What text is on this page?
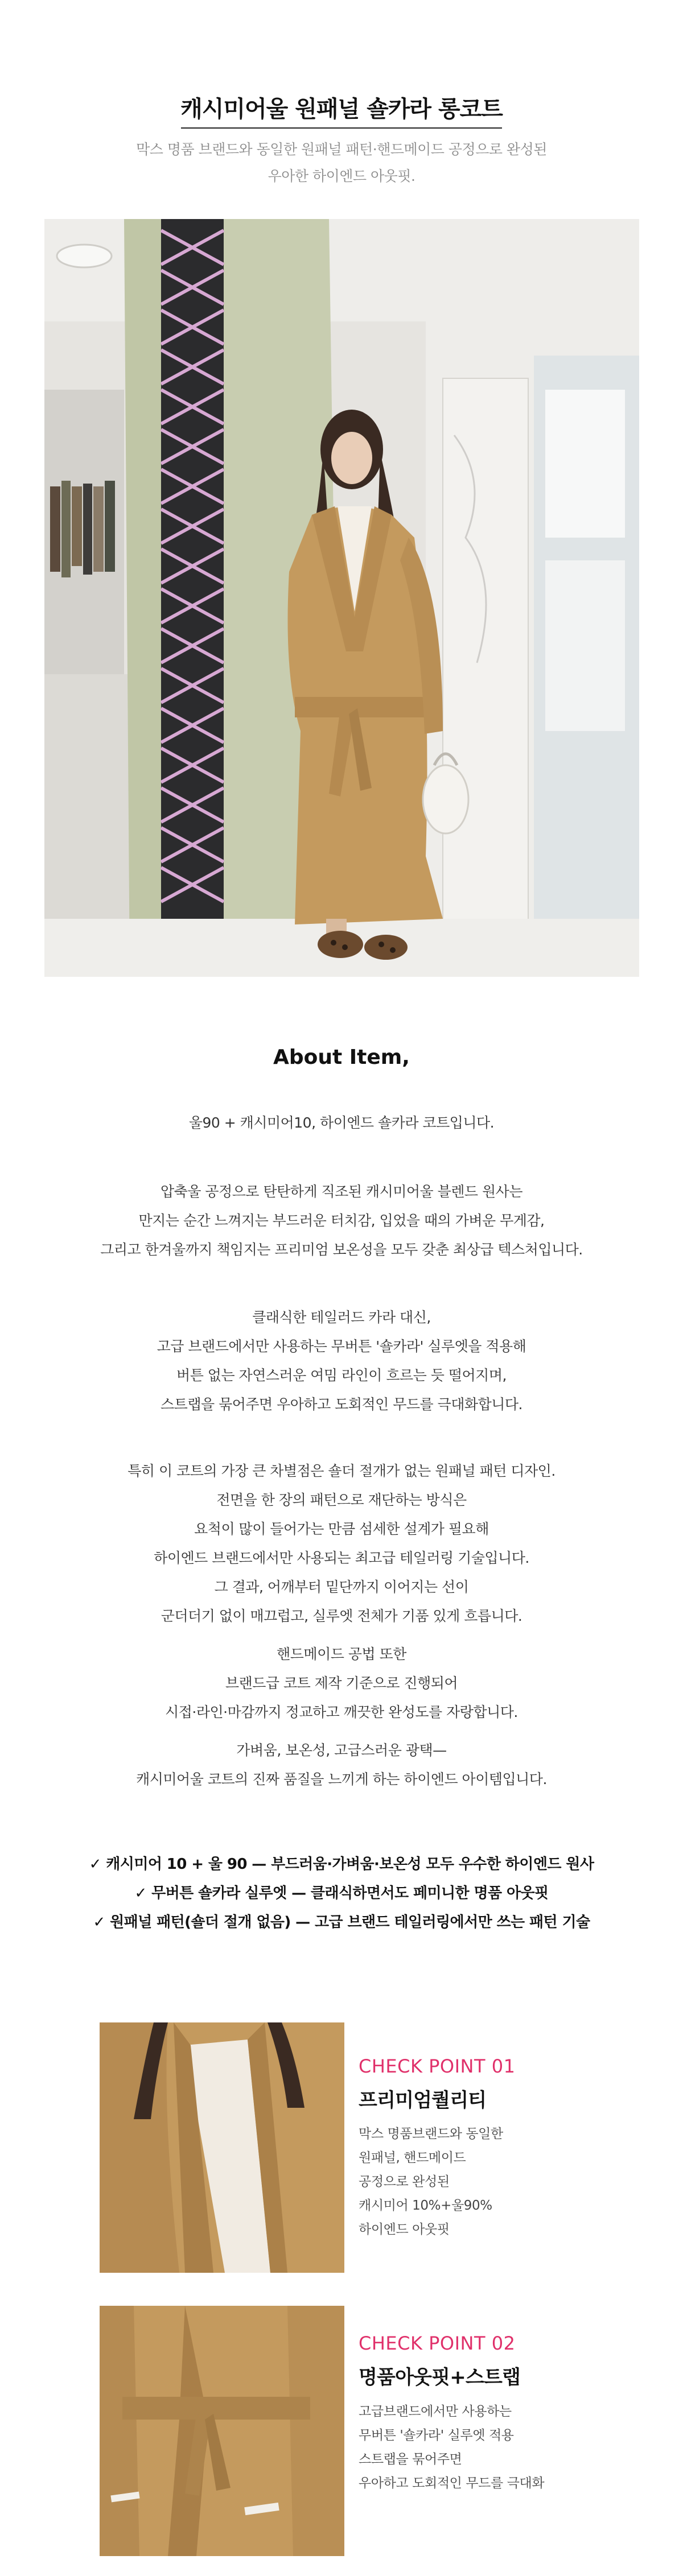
캐시미어울 원패널 숄카라 롱코트
막스 명품 브랜드와 동일한 원패널 패턴·핸드메이드 공정으로 완성된
우아한 하이엔드 아웃핏.
About Item,
울90 + 캐시미어10, 하이엔드 숄카라 코트입니다.
압축울 공정으로 탄탄하게 직조된 캐시미어울 블렌드 원사는
만지는 순간 느껴지는 부드러운 터치감, 입었을 때의 가벼운 무게감,
그리고 한겨울까지 책임지는 프리미엄 보온성을 모두 갖춘 최상급 텍스처입니다.
클래식한 테일러드 카라 대신,
고급 브랜드에서만 사용하는 무버튼 '숄카라' 실루엣을 적용해
버튼 없는 자연스러운 여밈 라인이 흐르는 듯 떨어지며,
스트랩을 묶어주면 우아하고 도회적인 무드를 극대화합니다.
특히 이 코트의 가장 큰 차별점은 숄더 절개가 없는 원패널 패턴 디자인.
전면을 한 장의 패턴으로 재단하는 방식은
요척이 많이 들어가는 만큼 섬세한 설계가 필요해
하이엔드 브랜드에서만 사용되는 최고급 테일러링 기술입니다.
그 결과, 어깨부터 밑단까지 이어지는 선이
군더더기 없이 매끄럽고, 실루엣 전체가 기품 있게 흐릅니다.
핸드메이드 공법 또한
브랜드급 코트 제작 기준으로 진행되어
시접·라인·마감까지 정교하고 깨끗한 완성도를 자랑합니다.
가벼움, 보온성, 고급스러운 광택—
캐시미어울 코트의 진짜 품질을 느끼게 하는 하이엔드 아이템입니다.
✓ 캐시미어 10 + 울 90 — 부드러움·가벼움·보온성 모두 우수한 하이엔드 원사
✓ 무버튼 숄카라 실루엣 — 클래식하면서도 페미니한 명품 아웃핏
✓ 원패널 패턴(숄더 절개 없음) — 고급 브랜드 테일러링에서만 쓰는 패턴 기술
CHECK POINT 01
프리미엄퀄리티
막스 명품브랜드와 동일한
원패널, 핸드메이드
공정으로 완성된
캐시미어 10%+울90%
하이엔드 아웃핏
CHECK POINT 02
명품아웃핏+스트랩
고급브랜드에서만 사용하는
무버튼 '숄카라' 실루엣 적용
스트랩을 묶어주면
우아하고 도회적인 무드를 극대화
